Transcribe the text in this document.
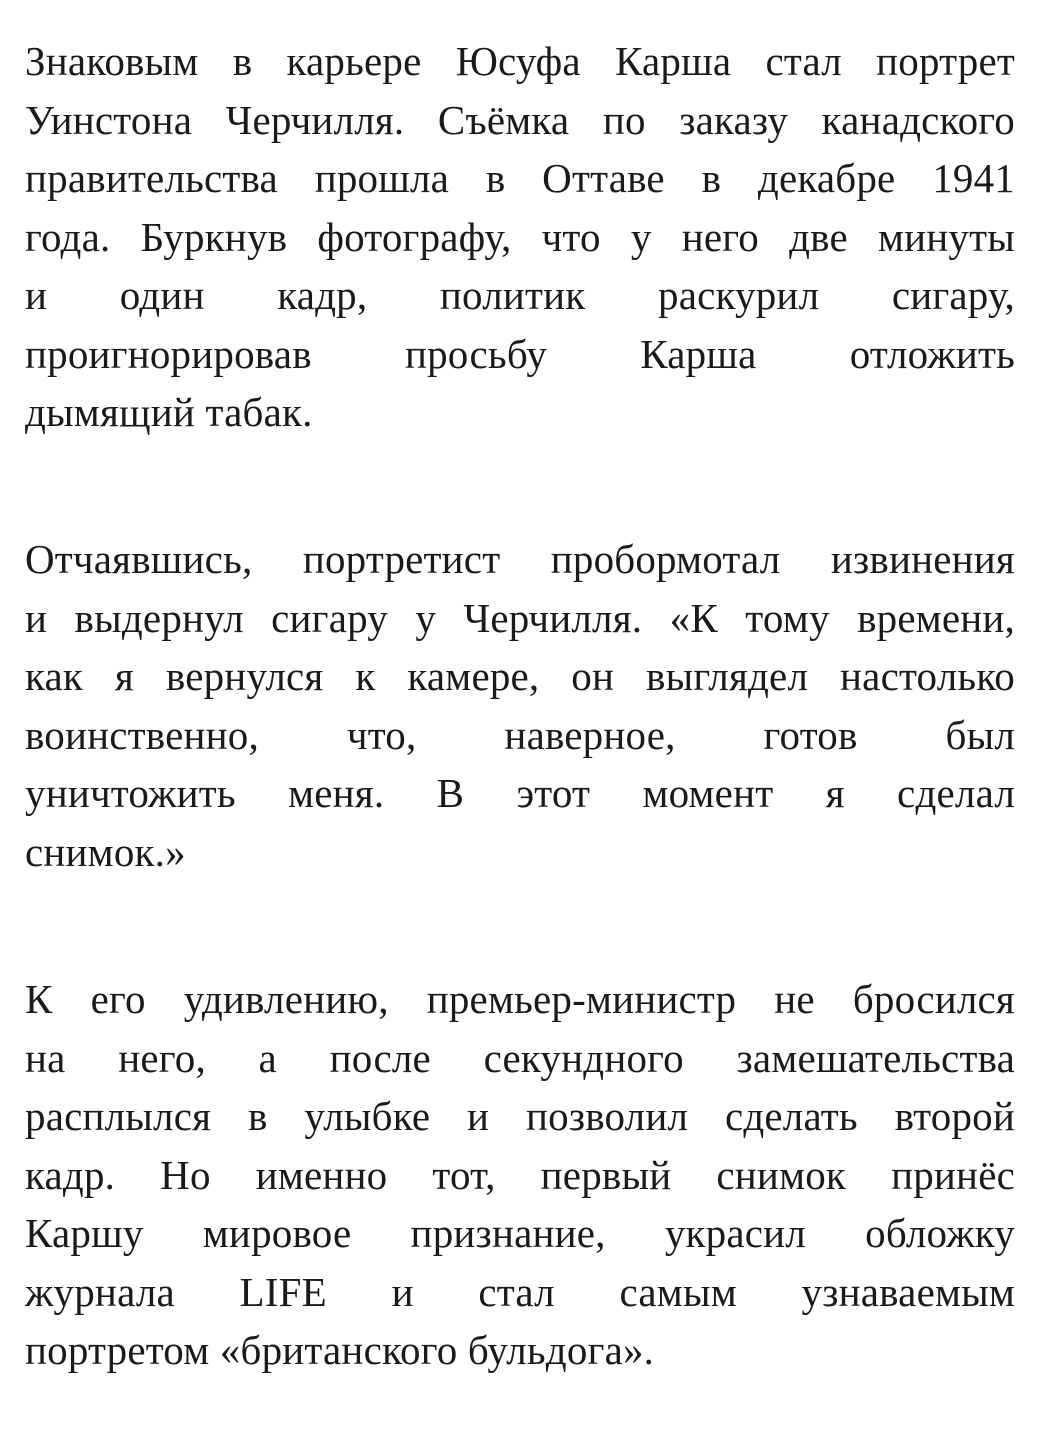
Знаковым в карьере Юсуфа Карша стал портрет
Уинстона Черчилля. Съёмка по заказу канадского
правительства прошла в Оттаве в декабре 1941
года. Буркнув фотографу, что у него две минуты
и один кадр, политик раскурил сигару,
проигнорировав просьбу Карша отложить
дымящий табак.
Отчаявшись, портретист пробормотал извинения
и выдернул сигару у Черчилля. «К тому времени,
как я вернулся к камере, он выглядел настолько
воинственно, что, наверное, готов был
уничтожить меня. В этот момент я сделал
снимок.»
К его удивлению, премьер-министр не бросился
на него, а после секундного замешательства
расплылся в улыбке и позволил сделать второй
кадр. Но именно тот, первый снимок принёс
Каршу мировое признание, украсил обложку
журнала LIFE и стал самым узнаваемым
портретом «британского бульдога».
